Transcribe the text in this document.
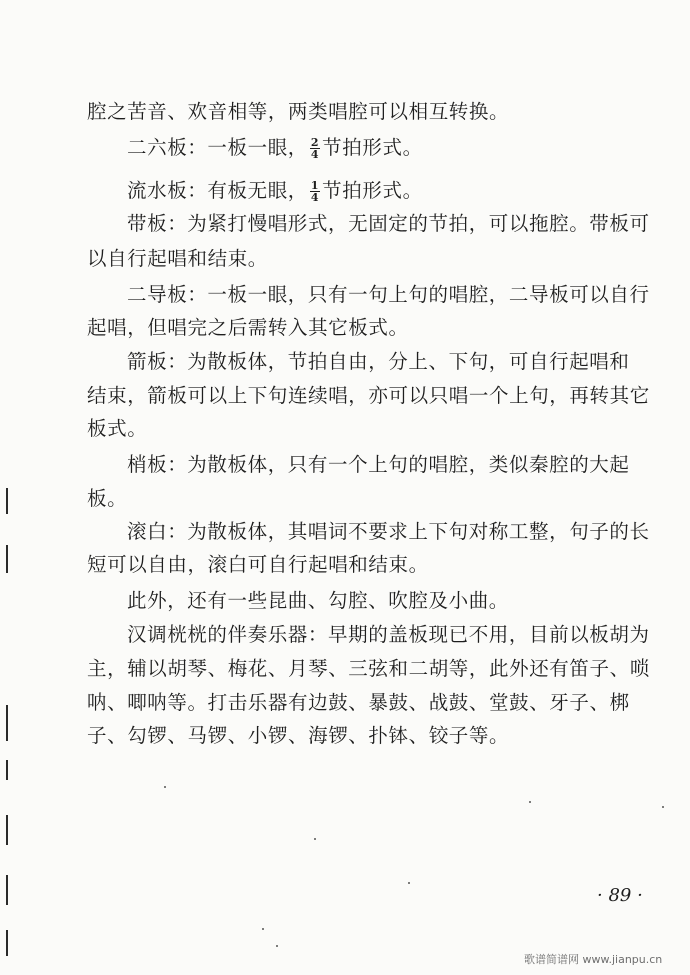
腔之苦音、欢音相等，两类唱腔可以相互转换。
二六板：一板一眼， $\frac{2}{4}$ 节拍形式。
流水板：有板无眼， $\frac{1}{4}$ 节拍形式。
带板：为紧打慢唱形式，无固定的节拍，可以拖腔。带板可
以自行起唱和结束。
二导板：一板一眼，只有一句上句的唱腔，二导板可以自行
起唱，但唱完之后需转入其它板式。
箭板：为散板体，节拍自由，分上、下句，可自行起唱和
结束，箭板可以上下句连续唱，亦可以只唱一个上句，再转其它
板式。
梢板：为散板体，只有一个上句的唱腔，类似秦腔的大起
板。
滚白：为散板体，其唱词不要求上下句对称工整，句子的长
短可以自由，滚白可自行起唱和结束。
此外，还有一些昆曲、勾腔、吹腔及小曲。
汉调桄桄的伴奏乐器：早期的盖板现已不用，目前以板胡为
主，辅以胡琴、梅花、月琴、三弦和二胡等，此外还有笛子、唢
呐、唧呐等。打击乐器有边鼓、暴鼓、战鼓、堂鼓、牙子、梆
子、勾锣、马锣、小锣、海锣、扑钵、铰子等。
· 89 ·
歌谱简谱网 www.jianpu.cn
